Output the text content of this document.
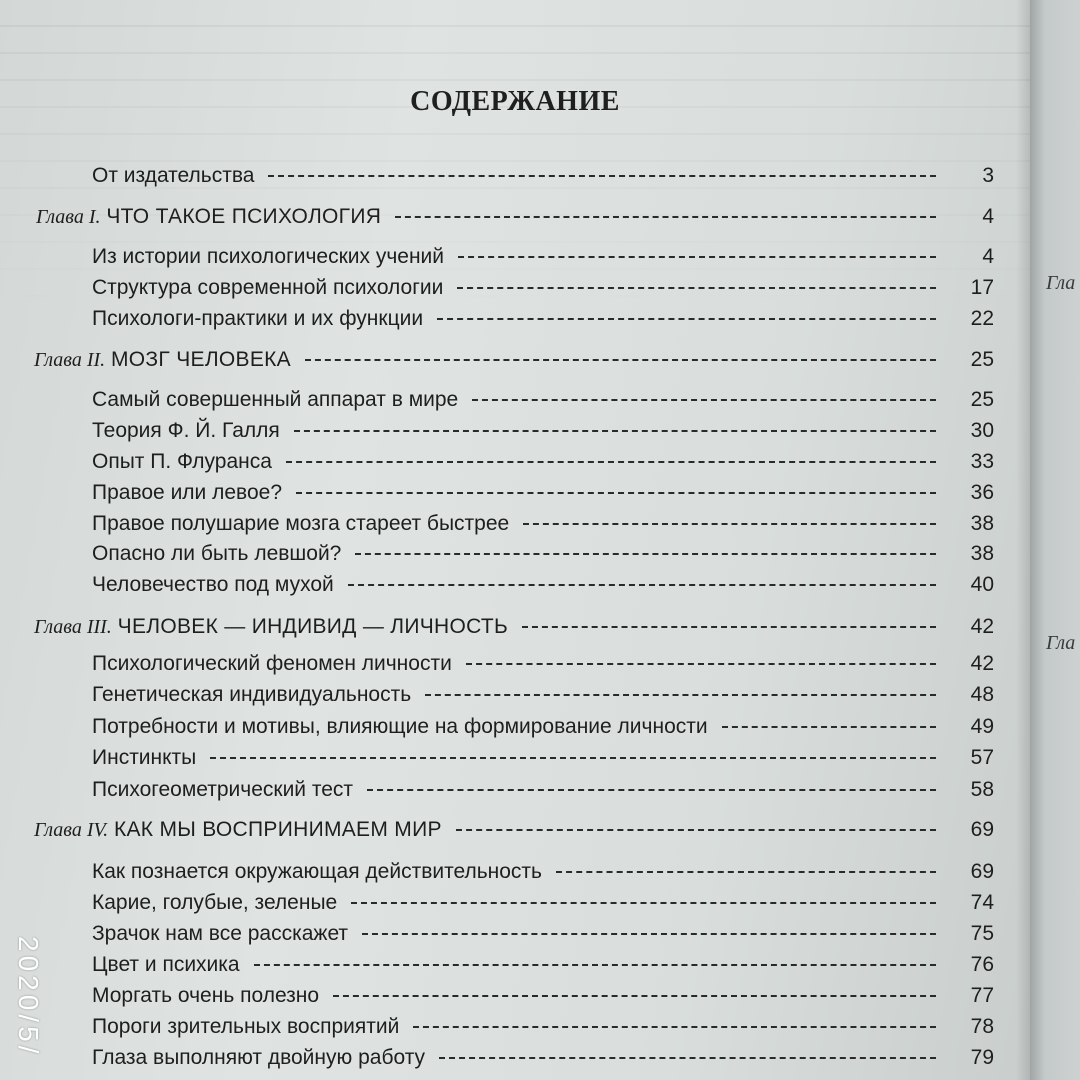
СОДЕРЖАНИЕ
От издательства	3
Глава I. ЧТО ТАКОЕ ПСИХОЛОГИЯ	4
Из истории психологических учений	4
Структура современной психологии	17
Психологи-практики и их функции	22
Глава II. МОЗГ ЧЕЛОВЕКА	25
Самый совершенный аппарат в мире	25
Теория Ф. Й. Галля	30
Опыт П. Флуранса	33
Правое или левое?	36
Правое полушарие мозга стареет быстрее	38
Опасно ли быть левшой?	38
Человечество под мухой	40
Глава III. ЧЕЛОВЕК — ИНДИВИД — ЛИЧНОСТЬ	42
Психологический феномен личности	42
Генетическая индивидуальность	48
Потребности и мотивы, влияющие на формирование личности	49
Инстинкты	57
Психогеометрический тест	58
Глава IV. КАК МЫ ВОСПРИНИМАЕМ МИР	69
Как познается окружающая действительность	69
Карие, голубые, зеленые	74
Зрачок нам все расскажет	75
Цвет и психика	76
Моргать очень полезно	77
Пороги зрительных восприятий	78
Глаза выполняют двойную работу	79
Гла
Гла
2020/5/
